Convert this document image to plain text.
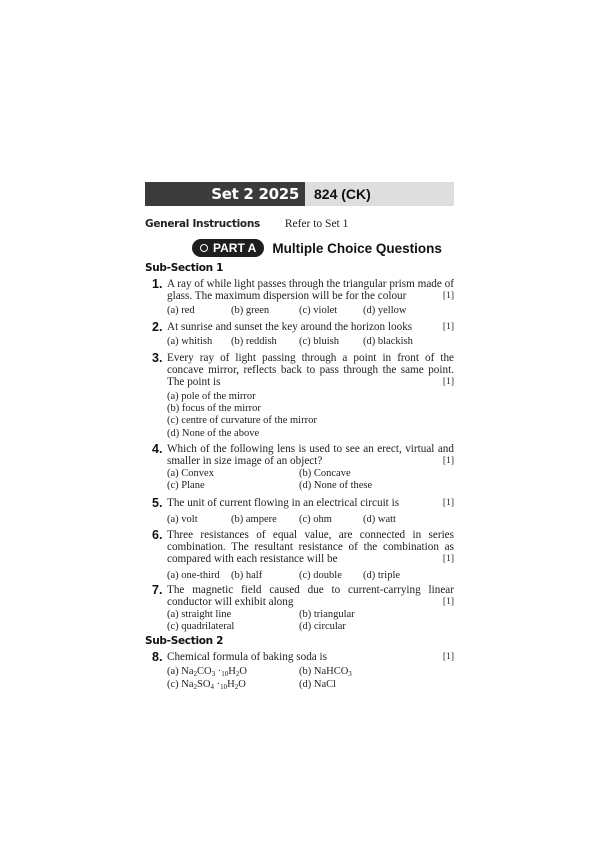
Set 2 2025	824 (CK)
General Instructions Refer to Set 1
PART A	Multiple Choice Questions
Sub-Section 1
1. A ray of while light passes through the triangular prism made of glass. The maximum dispersion will be for the colour	[1]
(a) red	(b) green	(c) violet (d) yellow
2. At sunrise and sunset the key around the horizon looks	[1]
(a) whitish (b) reddish (c) bluish (d) blackish
3. Every ray of light passing through a point in front of the concave mirror, reflects back to pass through the same point. The point is	[1]
(a) pole of the mirror
(b) focus of the mirror
(c) centre of curvature of the mirror
(d) None of the above
4. Which of the following lens is used to see an erect, virtual and smaller in size image of an object?	[1]
(a) Convex	(b) Concave
(c) Plane	(d) None of these
5. The unit of current flowing in an electrical circuit is	[1]
(a) volt	(b) ampere (c) ohm	(d) watt
6. Three resistances of equal value, are connected in series combination. The resultant resistance of the combination as compared with each resistance will be	[1]
(a) one-third (b) half	(c) double (d) triple
7. The magnetic field caused due to current-carrying linear conductor will exhibit along	[1]
(a) straight line	(b) triangular
(c) quadrilateral	(d) circular
Sub-Section 2
8. Chemical formula of baking soda is	[1]
(a) $Na_2CO_3 \cdot_{10}H_2O$	(b) NaHCO$_3$
(c) $Na_2SO_4 \cdot_{10}H_2O$	(d) NaCl
